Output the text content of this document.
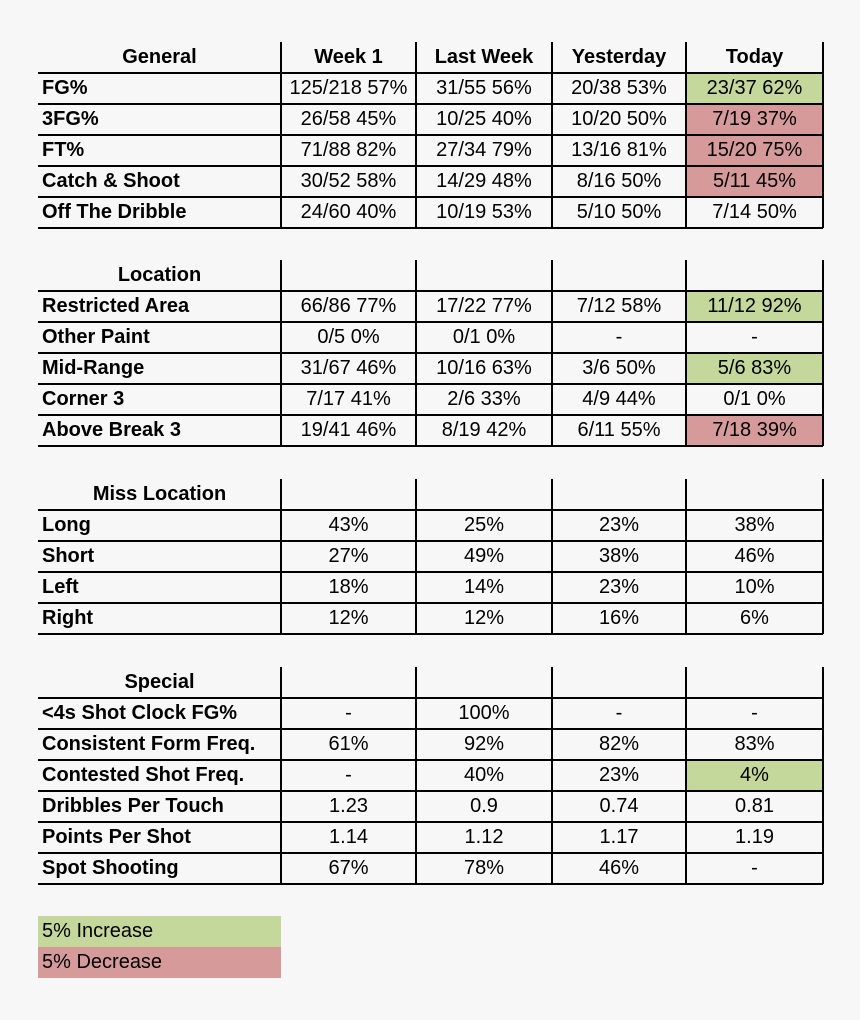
General	Week 1	Last Week	Yesterday	Today
FG%	125/218 57%	31/55 56%	20/38 53%	23/37 62%
3FG%	26/58 45%	10/25 40%	10/20 50%	7/19 37%
FT%	71/88 82%	27/34 79%	13/16 81%	15/20 75%
Catch & Shoot	30/52 58%	14/29 48%	8/16 50%	5/11 45%
Off The Dribble	24/60 40%	10/19 53%	5/10 50%	7/14 50%
Location
Restricted Area	66/86 77%	17/22 77%	7/12 58%	11/12 92%
Other Paint	0/5 0%	0/1 0%	-	-
Mid-Range	31/67 46%	10/16 63%	3/6 50%	5/6 83%
Corner 3	7/17 41%	2/6 33%	4/9 44%	0/1 0%
Above Break 3	19/41 46%	8/19 42%	6/11 55%	7/18 39%
Miss Location
Long	43%	25%	23%	38%
Short	27%	49%	38%	46%
Left	18%	14%	23%	10%
Right	12%	12%	16%	6%
Special
<4s Shot Clock FG%	-	100%	-	-
Consistent Form Freq.	61%	92%	82%	83%
Contested Shot Freq.	-	40%	23%	4%
Dribbles Per Touch	1.23	0.9	0.74	0.81
Points Per Shot	1.14	1.12	1.17	1.19
Spot Shooting	67%	78%	46%	-
5% Increase
5% Decrease
